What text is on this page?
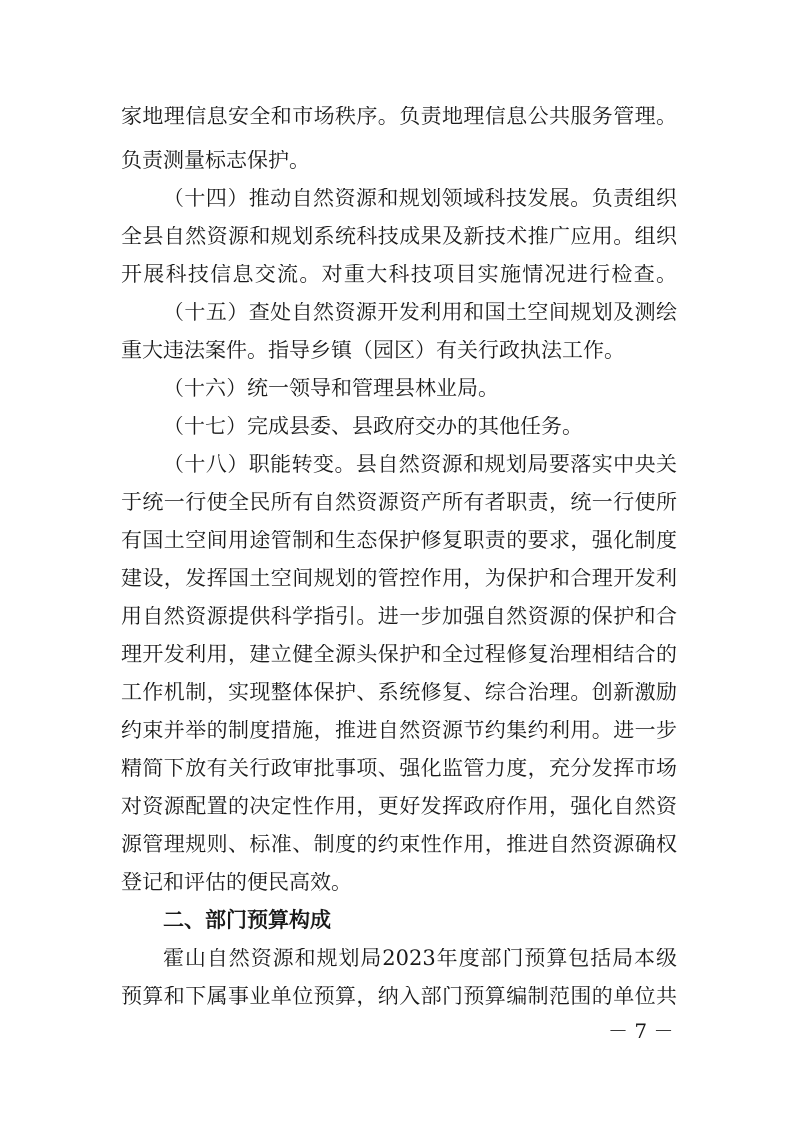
家地理信息安全和市场秩序。负责地理信息公共服务管理。
负责测量标志保护。
（十四）推动自然资源和规划领域科技发展。负责组织
全县自然资源和规划系统科技成果及新技术推广应用。组织
开展科技信息交流。对重大科技项目实施情况进行检查。
（十五）查处自然资源开发利用和国土空间规划及测绘
重大违法案件。指导乡镇（园区）有关行政执法工作。
（十六）统一领导和管理县林业局。
（十七）完成县委、县政府交办的其他任务。
（十八）职能转变。县自然资源和规划局要落实中央关
于统一行使全民所有自然资源资产所有者职责，统一行使所
有国土空间用途管制和生态保护修复职责的要求，强化制度
建设，发挥国土空间规划的管控作用，为保护和合理开发利
用自然资源提供科学指引。进一步加强自然资源的保护和合
理开发利用，建立健全源头保护和全过程修复治理相结合的
工作机制，实现整体保护、系统修复、综合治理。创新激励
约束并举的制度措施，推进自然资源节约集约利用。进一步
精简下放有关行政审批事项、强化监管力度，充分发挥市场
对资源配置的决定性作用，更好发挥政府作用，强化自然资
源管理规则、标准、制度的约束性作用，推进自然资源确权
登记和评估的便民高效。
二、部门预算构成
霍山自然资源和规划局2023年度部门预算包括局本级
预算和下属事业单位预算，纳入部门预算编制范围的单位共
－ 7 －
